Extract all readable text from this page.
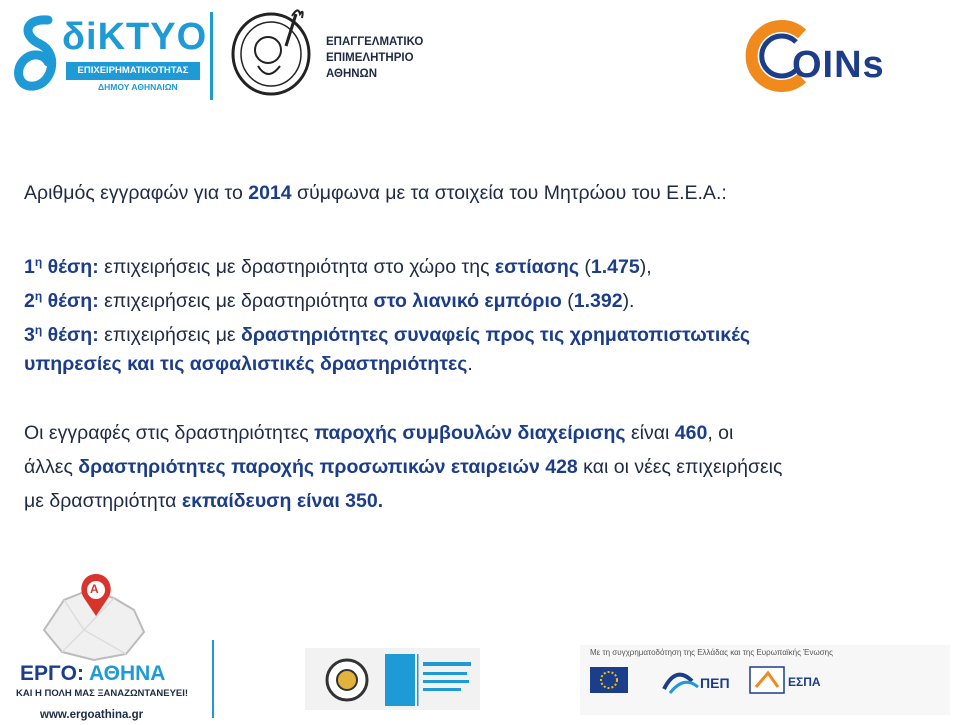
δiKTYO
ΕΠΙΧΕΙΡΗΜΑΤΙΚΟΤΗΤΑΣ
ΔΗΜΟΥ ΑΘΗΝΑΙΩΝ
ΕΠΑΓΓΕΛΜΑΤΙΚΟ
ΕΠΙΜΕΛΗΤΗΡΙΟ
ΑΘΗΝΩΝ	OINs
Αριθμός εγγραφών για το 2014 σύμφωνα με τα στοιχεία του Μητρώου του Ε.Ε.Α.:
$1^\eta$ θέση: επιχειρήσεις με δραστηριότητα στο χώρο της εστίασης (1.475),
$2^\eta$ θέση: επιχειρήσεις με δραστηριότητα στο λιανικό εμπόριο (1.392).
$3^\eta$ θέση: επιχειρήσεις με δραστηριότητες συναφείς προς τις χρηματοπιστωτικές
υπηρεσίες και τις ασφαλιστικές δραστηριότητες.
Οι εγγραφές στις δραστηριότητες παροχής συμβουλών διαχείρισης είναι 460, οι
άλλες δραστηριότητες παροχής προσωπικών εταιρειών 428 και οι νέες επιχειρήσεις
με δραστηριότητα εκπαίδευση είναι 350.
A
ΕΡΓΟ: ΑΘΗΝΑ
ΚΑΙ Η ΠΟΛΗ ΜΑΣ ΞΑΝΑΖΩΝΤΑΝΕΥΕΙ!
www.ergoathina.gr
ΠΕΠ	ΕΣΠΑ
Με τη συγχρηματοδότηση της Ελλάδας και της Ευρωπαϊκής Ένωσης
